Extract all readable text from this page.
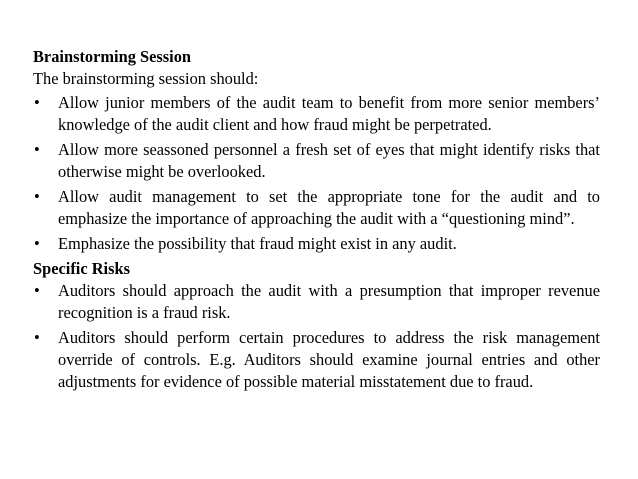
Brainstorming Session

The brainstorming session should:

• Allow junior members of the audit team to benefit from more senior members’ knowledge of the audit client and how fraud might be perpetrated.
• Allow more seassoned personnel a fresh set of eyes that might identify risks that otherwise might be overlooked.
• Allow audit management to set the appropriate tone for the audit and to emphasize the importance of approaching the audit with a “questioning mind”.
• Emphasize the possibility that fraud might exist in any audit.

Specific Risks

• Auditors should approach the audit with a presumption that improper revenue recognition is a fraud risk.
• Auditors should perform certain procedures to address the risk management override of controls. E.g. Auditors should examine journal entries and other adjustments for evidence of possible material misstatement due to fraud.
